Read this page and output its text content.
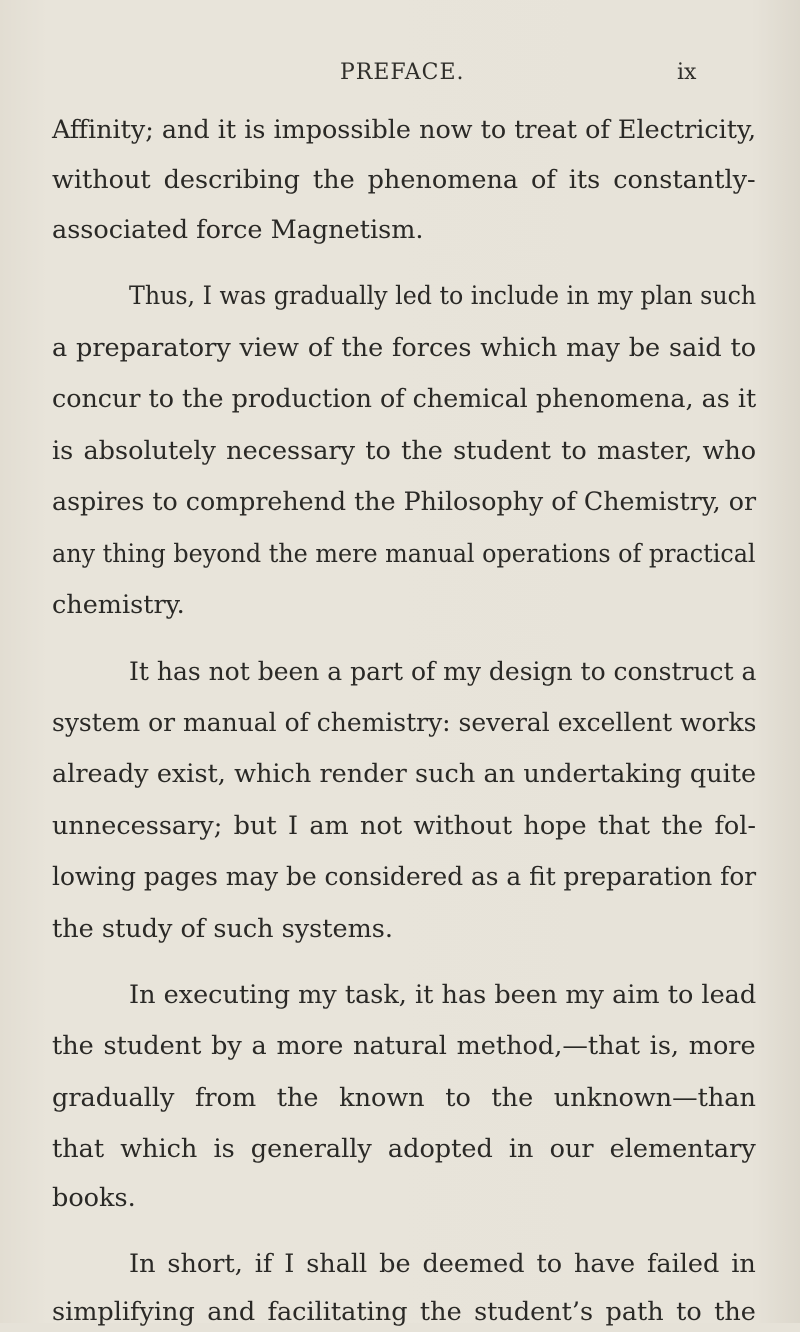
PREFACE.	ix
Affinity; and it is impossible now to treat of Electricity,
without describing the phenomena of its constantly-
associated force Magnetism.
Thus, I was gradually led to include in my plan such
a preparatory view of the forces which may be said to
concur to the production of chemical phenomena, as it
is absolutely necessary to the student to master, who
aspires to comprehend the Philosophy of Chemistry, or
any thing beyond the mere manual operations of practical
chemistry.
It has not been a part of my design to construct a
system or manual of chemistry: several excellent works
already exist, which render such an undertaking quite
unnecessary; but I am not without hope that the fol-
lowing pages may be considered as a fit preparation for
the study of such systems.
In executing my task, it has been my aim to lead
the student by a more natural method,—that is, more
gradually from the known to the unknown—than
that which is generally adopted in our elementary
books.
In short, if I shall be deemed to have failed in
simplifying and facilitating the student’s path to the
